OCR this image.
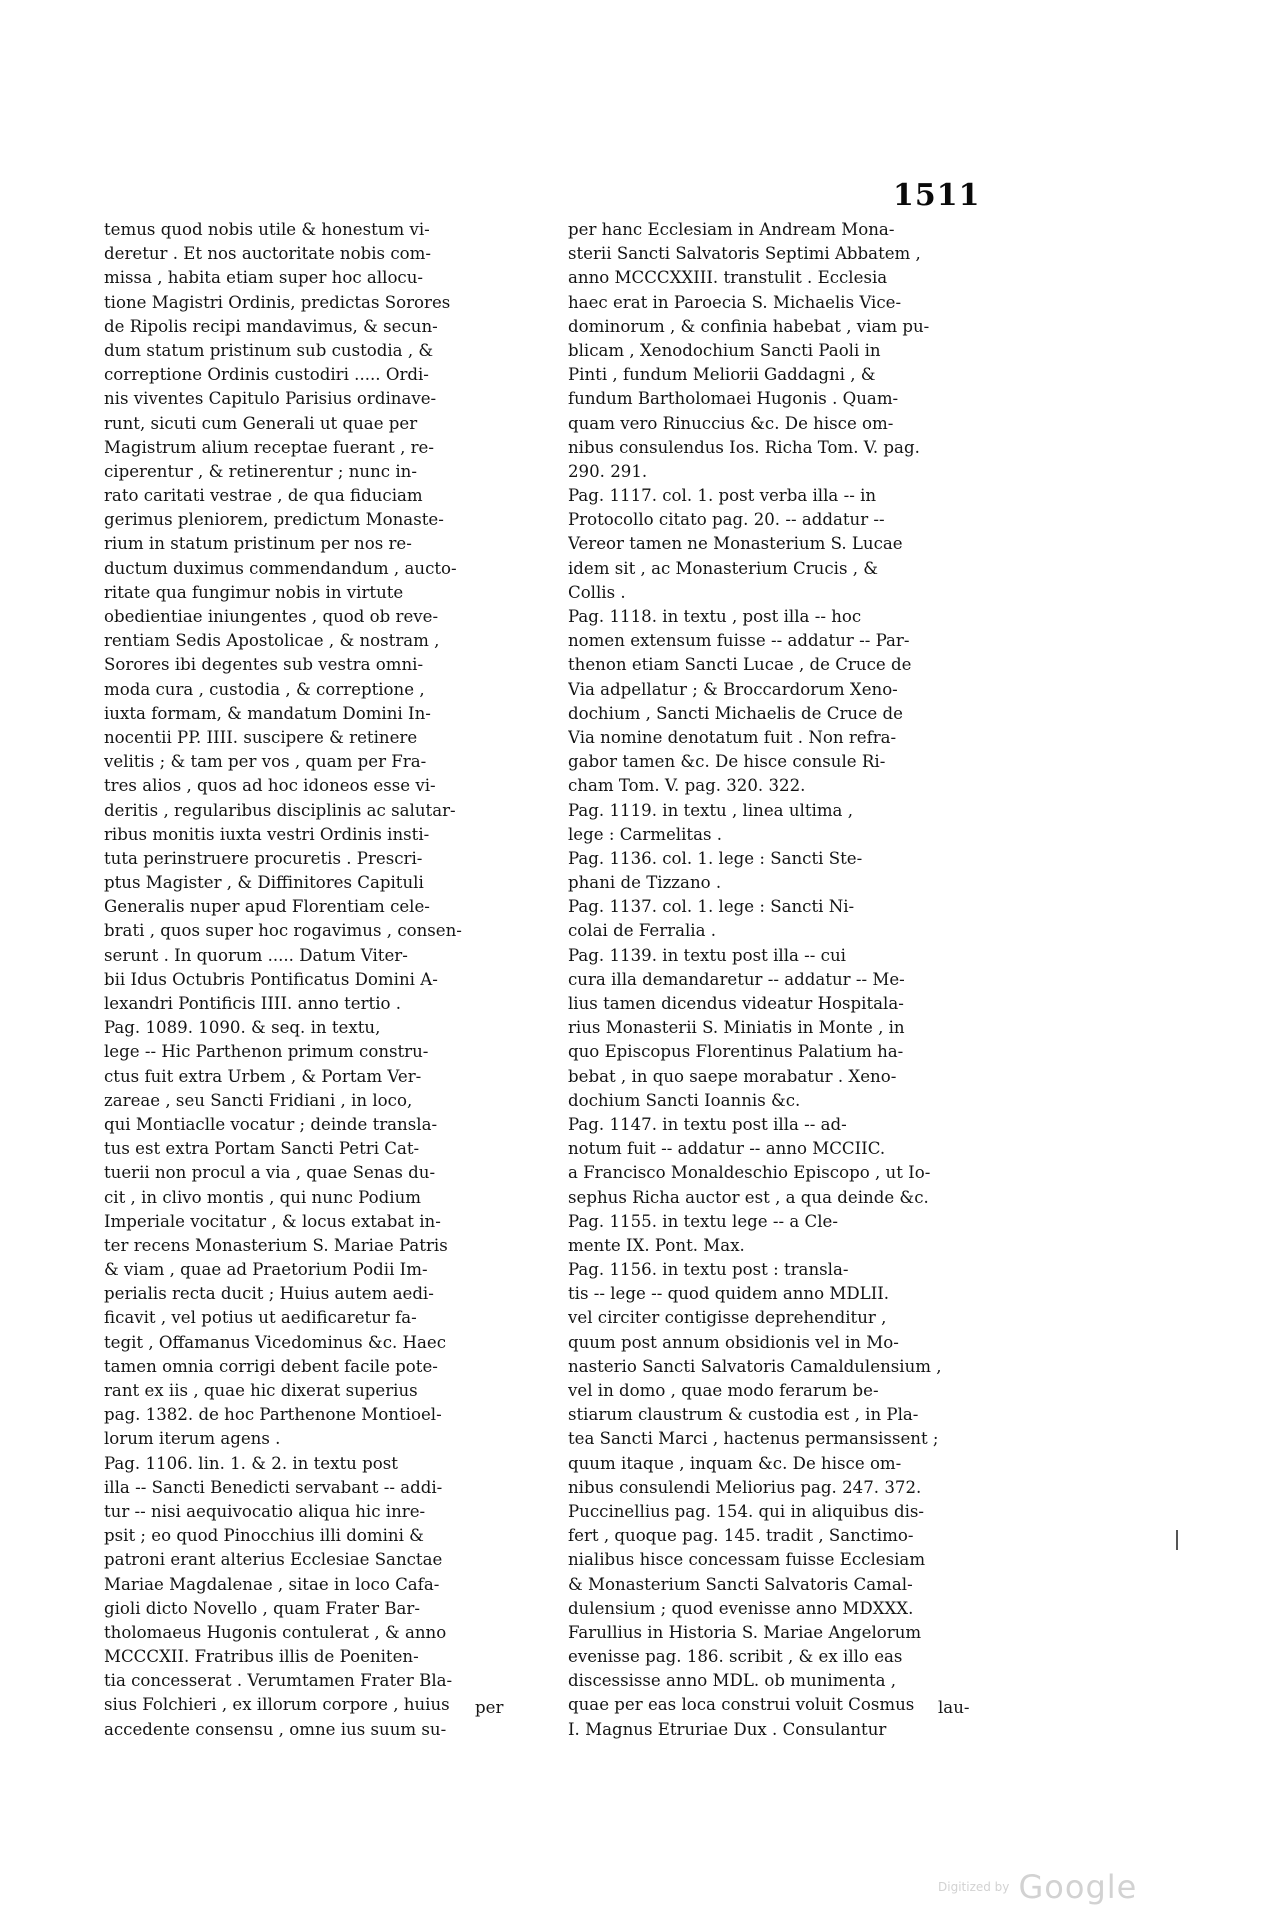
1511
temus quod nobis utile & honestum vi-
deretur . Et nos auctoritate nobis com-
missa , habita etiam super hoc allocu-
tione Magistri Ordinis, predictas Sorores
de Ripolis recipi mandavimus, & secun-
dum statum pristinum sub custodia , &
correptione Ordinis custodiri ..... Ordi-
nis viventes Capitulo Parisius ordinave-
runt, sicuti cum Generali ut quae per
Magistrum alium receptae fuerant , re-
ciperentur , & retinerentur ; nunc in-
rato caritati vestrae , de qua fiduciam
gerimus pleniorem, predictum Monaste-
rium in statum pristinum per nos re-
ductum duximus commendandum , aucto-
ritate qua fungimur nobis in virtute
obedientiae iniungentes , quod ob reve-
rentiam Sedis Apostolicae , & nostram ,
Sorores ibi degentes sub vestra omni-
moda cura , custodia , & correptione ,
iuxta formam, & mandatum Domini In-
nocentii PP. IIII. suscipere & retinere
velitis ; & tam per vos , quam per Fra-
tres alios , quos ad hoc idoneos esse vi-
deritis , regularibus disciplinis ac salutar-
ribus monitis iuxta vestri Ordinis insti-
tuta perinstruere procuretis . Prescri-
ptus Magister , & Diffinitores Capituli
Generalis nuper apud Florentiam cele-
brati , quos super hoc rogavimus , consen-
serunt . In quorum ..... Datum Viter-
bii Idus Octubris Pontificatus Domini A-
lexandri Pontificis IIII. anno tertio .
Pag. 1089. 1090. & seq. in textu,
lege -- Hic Parthenon primum constru-
ctus fuit extra Urbem , & Portam Ver-
zareae , seu Sancti Fridiani , in loco,
qui Montiaclle vocatur ; deinde transla-
tus est extra Portam Sancti Petri Cat-
tuerii non procul a via , quae Senas du-
cit , in clivo montis , qui nunc Podium
Imperiale vocitatur , & locus extabat in-
ter recens Monasterium S. Mariae Patris
& viam , quae ad Praetorium Podii Im-
perialis recta ducit ; Huius autem aedi-
ficavit , vel potius ut aedificaretur fa-
tegit , Offamanus Vicedominus &c. Haec
tamen omnia corrigi debent facile pote-
rant ex iis , quae hic dixerat superius
pag. 1382. de hoc Parthenone Montioel-
lorum iterum agens .
Pag. 1106. lin. 1. & 2. in textu post
illa -- Sancti Benedicti servabant -- addi-
tur -- nisi aequivocatio aliqua hic inre-
psit ; eo quod Pinocchius illi domini &
patroni erant alterius Ecclesiae Sanctae
Mariae Magdalenae , sitae in loco Cafa-
gioli dicto Novello , quam Frater Bar-
tholomaeus Hugonis contulerat , & anno
MCCCXII. Fratribus illis de Poeniten-
tia concesserat . Verumtamen Frater Bla-
sius Folchieri , ex illorum corpore , huius
accedente consensu , omne ius suum su-
per
per hanc Ecclesiam in Andream Mona-
sterii Sancti Salvatoris Septimi Abbatem ,
anno MCCCXXIII. transtulit . Ecclesia
haec erat in Paroecia S. Michaelis Vice-
dominorum , & confinia habebat , viam pu-
blicam , Xenodochium Sancti Paoli in
Pinti , fundum Meliorii Gaddagni , &
fundum Bartholomaei Hugonis . Quam-
quam vero Rinuccius &c. De hisce om-
nibus consulendus Ios. Richa Tom. V. pag.
290. 291.
Pag. 1117. col. 1. post verba illa -- in
Protocollo citato pag. 20. -- addatur --
Vereor tamen ne Monasterium S. Lucae
idem sit , ac Monasterium Crucis , &
Collis .
Pag. 1118. in textu , post illa -- hoc
nomen extensum fuisse -- addatur -- Par-
thenon etiam Sancti Lucae , de Cruce de
Via adpellatur ; & Broccardorum Xeno-
dochium , Sancti Michaelis de Cruce de
Via nomine denotatum fuit . Non refra-
gabor tamen &c. De hisce consule Ri-
cham Tom. V. pag. 320. 322.
Pag. 1119. in textu , linea ultima ,
lege : Carmelitas .
Pag. 1136. col. 1. lege : Sancti Ste-
phani de Tizzano .
Pag. 1137. col. 1. lege : Sancti Ni-
colai de Ferralia .
Pag. 1139. in textu post illa -- cui
cura illa demandaretur -- addatur -- Me-
lius tamen dicendus videatur Hospitala-
rius Monasterii S. Miniatis in Monte , in
quo Episcopus Florentinus Palatium ha-
bebat , in quo saepe morabatur . Xeno-
dochium Sancti Ioannis &c.
Pag. 1147. in textu post illa -- ad-
notum fuit -- addatur -- anno MCCIIC.
a Francisco Monaldeschio Episcopo , ut Io-
sephus Richa auctor est , a qua deinde &c.
Pag. 1155. in textu lege -- a Cle-
mente IX. Pont. Max.
Pag. 1156. in textu post : transla-
tis -- lege -- quod quidem anno MDLII.
vel circiter contigisse deprehenditur ,
quum post annum obsidionis vel in Mo-
nasterio Sancti Salvatoris Camaldulensium ,
vel in domo , quae modo ferarum be-
stiarum claustrum & custodia est , in Pla-
tea Sancti Marci , hactenus permansissent ;
quum itaque , inquam &c. De hisce om-
nibus consulendi Meliorius pag. 247. 372.
Puccinellius pag. 154. qui in aliquibus dis-
fert , quoque pag. 145. tradit , Sanctimo-
nialibus hisce concessam fuisse Ecclesiam
& Monasterium Sancti Salvatoris Camal-
dulensium ; quod evenisse anno MDXXX.
Farullius in Historia S. Mariae Angelorum
evenisse pag. 186. scribit , & ex illo eas
discessisse anno MDL. ob munimenta ,
quae per eas loca construi voluit Cosmus
I. Magnus Etruriae Dux . Consulantur
lau-
Digitized by Google
